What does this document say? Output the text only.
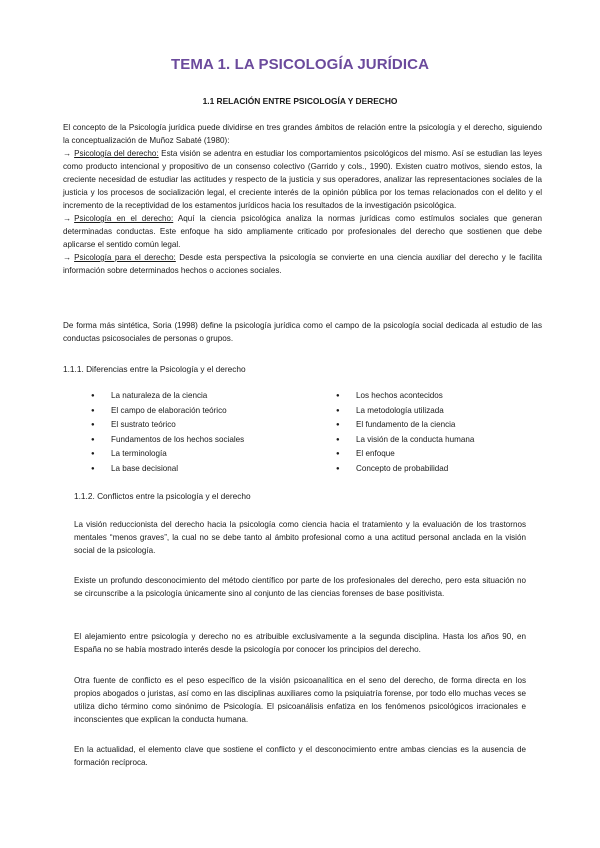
TEMA 1. LA PSICOLOGÍA JURÍDICA
1.1 RELACIÓN ENTRE PSICOLOGÍA Y DERECHO
El concepto de la Psicología jurídica puede dividirse en tres grandes ámbitos de relación entre la psicología y el derecho, siguiendo la conceptualización de Muñoz Sabaté (1980):
→ Psicología del derecho: Esta visión se adentra en estudiar los comportamientos psicológicos del mismo. Así se estudian las leyes como producto intencional y propositivo de un consenso colectivo (Garrido y cols., 1990). Existen cuatro motivos, siendo estos, la creciente necesidad de estudiar las actitudes y respecto de la justicia y sus operadores, analizar las representaciones sociales de la justicia y los procesos de socialización legal, el creciente interés de la opinión pública por los temas relacionados con el delito y el incremento de la receptividad de los estamentos jurídicos hacia los resultados de la investigación psicológica.
→ Psicología en el derecho: Aquí la ciencia psicológica analiza la normas jurídicas como estímulos sociales que generan determinadas conductas. Este enfoque ha sido ampliamente criticado por profesionales del derecho que sostienen que debe aplicarse el sentido común legal.
→ Psicología para el derecho: Desde esta perspectiva la psicología se convierte en una ciencia auxiliar del derecho y le facilita información sobre determinados hechos o acciones sociales.
De forma más sintética, Soria (1998) define la psicología jurídica como el campo de la psicología social dedicada al estudio de las conductas psicosociales de personas o grupos.
1.1.1. Diferencias entre la Psicología y el derecho
● La naturaleza de la ciencia
● El campo de elaboración teórico
● El sustrato teórico
● Fundamentos de los hechos sociales
● La terminología
● La base decisional
● Los hechos acontecidos
● La metodología utilizada
● El fundamento de la ciencia
● La visión de la conducta humana
● El enfoque
● Concepto de probabilidad
1.1.2. Conflictos entre la psicología y el derecho
La visión reduccionista del derecho hacia la psicología como ciencia hacia el tratamiento y la evaluación de los trastornos mentales “menos graves”, la cual no se debe tanto al ámbito profesional como a una actitud personal anclada en la visión social de la psicología.
Existe un profundo desconocimiento del método científico por parte de los profesionales del derecho, pero esta situación no se circunscribe a la psicología únicamente sino al conjunto de las ciencias forenses de base positivista.
El alejamiento entre psicología y derecho no es atribuible exclusivamente a la segunda disciplina. Hasta los años 90, en España no se había mostrado interés desde la psicología por conocer los principios del derecho.
Otra fuente de conflicto es el peso específico de la visión psicoanalítica en el seno del derecho, de forma directa en los propios abogados o juristas, así como en las disciplinas auxiliares como la psiquiatría forense, por todo ello muchas veces se utiliza dicho término como sinónimo de Psicología. El psicoanálisis enfatiza en los fenómenos psicológicos irracionales e inconscientes que explican la conducta humana.
En la actualidad, el elemento clave que sostiene el conflicto y el desconocimiento entre ambas ciencias es la ausencia de formación recíproca.
